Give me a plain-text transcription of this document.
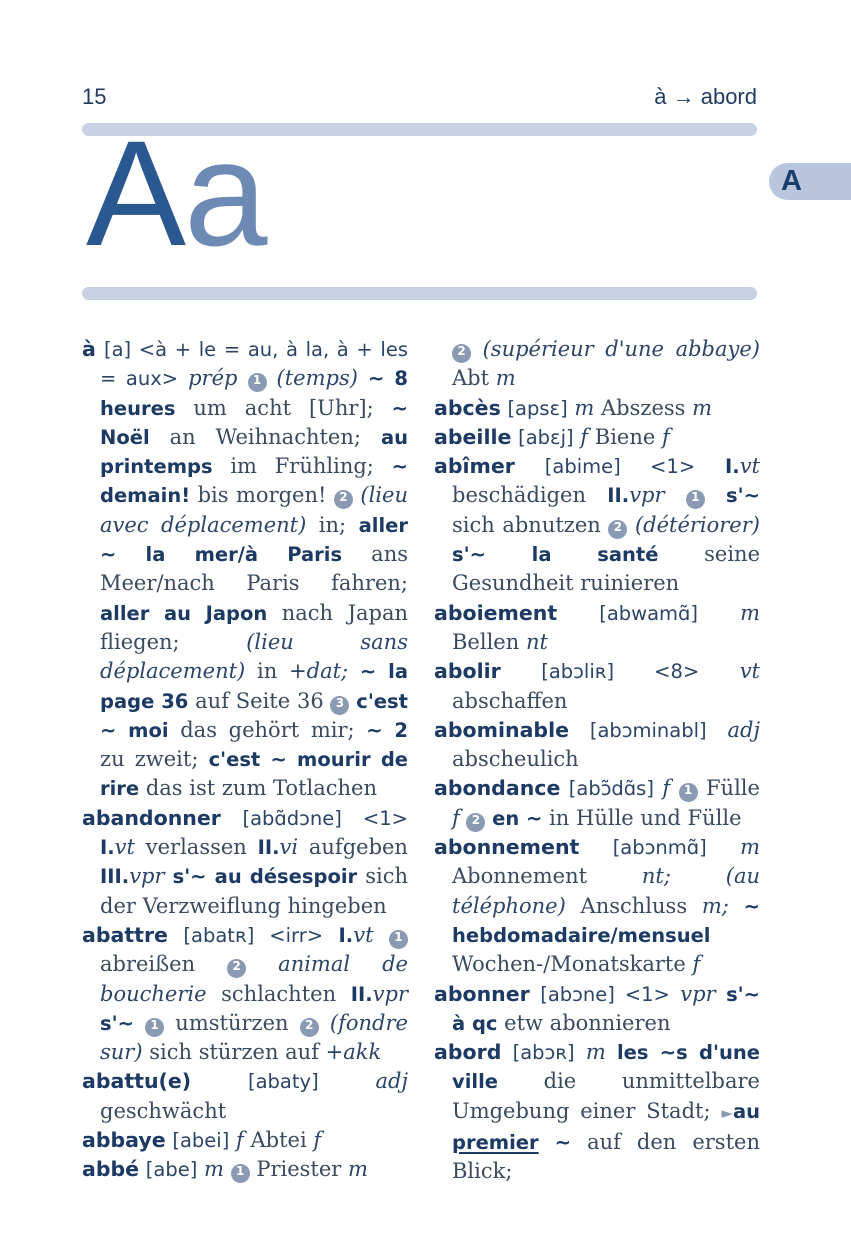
15	à → abord
A
Aa
à [a] <à + le = au, à la, à + les = aux> prép 1 (temps) ~ 8 heures um acht [Uhr]; ~ Noël an Weihnachten; au printemps im Frühling; ~ demain! bis morgen! 2 (lieu avec déplacement) in; aller ~ la mer/à Paris ans Meer/nach Paris fahren; aller au Japon nach Japan fliegen;	(lieu sans déplacement) in +dat; ~ la page 36 auf Seite 36 3 c'est ~ moi das gehört mir; ~ 2 zu zweit; c'est ~ mourir de rire das ist zum Totlachen
abandonner [abɑ̃dɔne] <1> I.vt verlassen II.vi aufgeben III.vpr s'~ au désespoir sich der Verzweiflung hingeben
abattre [abatʀ] <irr> I.vt 1 abreißen	2 animal de boucherie schlachten II.vpr s'~ 1 umstürzen 2 (fondre sur) sich stürzen auf +akk
abattu(e)	[abaty]	adj geschwächt
abbaye [abei] f Abtei f
abbé [abe] m 1 Priester m
2 (supérieur d'une abbaye) Abt m
abcès [apsɛ] m Abszess m
abeille [abɛj] f Biene f
abîmer [abime] <1> I.vt beschädigen II.vpr 1 s'~ sich abnutzen 2 (détériorer) s'~ la santé seine Gesundheit ruinieren
aboiement [abwamɑ̃] m Bellen nt
abolir [abɔliʀ] <8> vt abschaffen
abominable [abɔminabl] adj abscheulich
abondance [abɔ̃dɑ̃s] f 1 Fülle f 2 en ~ in Hülle und Fülle
abonnement [abɔnmɑ̃] m Abonnement	nt;	(au téléphone) Anschluss m; ~ hebdomadaire/mensuel Wochen-/Monatskarte f
abonner [abɔne] <1> vpr s'~ à qc etw abonnieren
abord [abɔʀ] m les ~s d'une ville die unmittelbare Umgebung einer Stadt; ►au premier ~ auf den ersten Blick;
